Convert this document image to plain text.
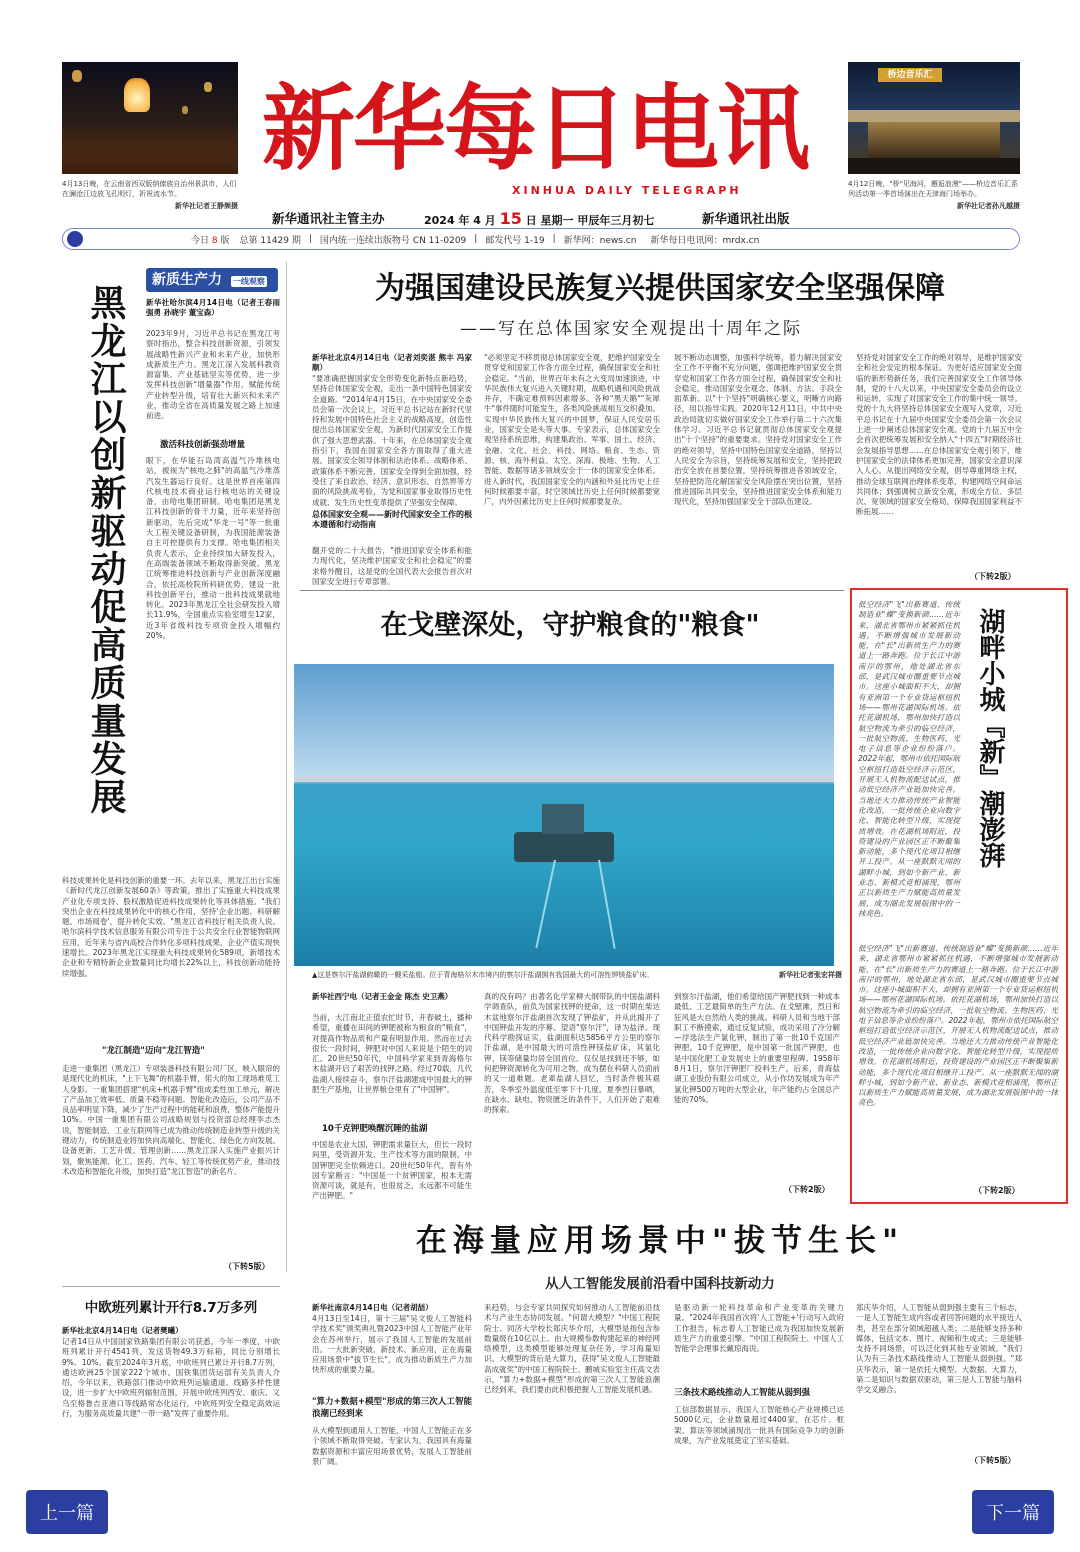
4月13日晚，在云南省西双版纳傣族自治州景洪市，人们在澜沧江边放飞孔明灯，祈祝流水节。
新华社记者王静频摄
新华每日电讯
XINHUA DAILY TELEGRAPH
新华通讯社主管主办	2024 年 4 月 15 日 星期一 甲辰年三月初七	新华通讯社出版
桥边音乐汇
4月12日晚，"桥"见海河，邂逅浪漫"——桥边音乐汇系列活动第一季首场演出在天津海门场举办。
新华社记者孙凡越摄
今日 8 版 总第 11429 期 | 国内统一连续出版物号 CN 11-0209 | 邮发代号 1-19 | 新华网：news.cn 新华每日电讯网：mrdx.cn
新质生产力 一线观察
黑龙江以创新驱动促高质量发展	新华社哈尔滨4月14日电（记者王春雨 强勇 孙晓宇 董宝森）
2023年9月，习近平总书记在黑龙江考察时指出，整合科技创新资源，引领发展战略性新兴产业和未来产业，加快形成新质生产力。黑龙江深入发展科教资源富集、产业基础坚实等优势，进一步发挥科技创新"增量器"作用，赋能传统产业转型升级，培育壮大新兴和未来产业，推动全省在高质量发展之路上加速前进。
激活科技创新强劲增量
眼下，在华能石岛湾高温气冷堆核电站，被视为"核电之肺"的高温气冷堆蒸汽发生器运行良好。这是世界首座第四代核电技术商业运行核电站的关键设备，由哈电集团研制。哈电集团是黑龙江科技创新的骨干力量，近年来坚持创新驱动，先后完成"华龙一号"等一批重大工程关键设备研制，为我国能源装备自主可控提供有力支撑。哈电集团相关负责人表示，企业持续加大研发投入，在高端装备领域不断取得新突破。黑龙江统筹推进科技创新与产业创新深度融合，依托高校院所科研优势，建设一批科技创新平台，推动一批科技成果就地转化。2023年黑龙江全社会研发投入增长11.9%，全国重点实验室增至12家，近3年省级科技专项资金投入增幅约20%。
科技成果转化是科技创新的重要一环。去年以来，黑龙江出台实施《新时代龙江创新发展60条》等政策，推出了实施重大科技成果产业化专项支持、股权激励促进科技成果转化等具体措施。"我们突出企业在科技成果转化中的核心作用，坚持'企业出题、科研解题、市场阅卷'，提升转化实效。"黑龙江省科技厅相关负责人说。哈尔滨科学技术信息服务有限公司专注于公共安全行业智能物联网应用，近年来与省内高校合作转化多项科技成果，企业产值实现快速增长。2023年黑龙江实现重大科技成果转化589项，新增技术企业和专精特新企业数量同比均增长22%以上，科技创新动能持续增强。
"龙江制造"迈向"龙江智造"
走进一重集团（黑龙江）专项装备科技有限公司厂区，映入眼帘的是现代化的机床，"上下飞舞"的机器手臂，偌大的加工现场难觅工人身影。一重集团搭建"机床+机器手臂"组成柔性加工单元，解决了产品加工效率低、质量不稳等问题。智能化改造后，公司产品不良品率明显下降，减少了生产过程中的能耗和浪费，整体产能提升10%。中国一重集团有限公司战略规划与投资部总经理李志杰说，智能制造、工业互联网等已成为推动传统制造业转型升级的关键动力，传统制造业将加快向高端化、智能化、绿色化方向发展。设备更新、工艺升级、管理创新……黑龙江深入实施产业振兴计划，聚焦能源、化工、医药、汽车、轻工等传统优势产业，推动技术改造和智能化升级，加快打造"龙江智造"的新名片。
（下转5版）
为强国建设民族复兴提供国家安全坚强保障
——写在总体国家安全观提出十周年之际
新华社北京4月14日电（记者刘奕湛 熊丰 冯家顺）
"要准确把握国家安全形势变化新特点新趋势，坚持总体国家安全观，走出一条中国特色国家安全道路。"2014年4月15日，在中央国家安全委员会第一次会议上，习近平总书记站在新时代坚持和发展中国特色社会主义的战略高度，创造性提出总体国家安全观，为新时代国家安全工作提供了强大思想武器。十年来，在总体国家安全观指引下，我国在国家安全各方面取得了重大进展。国家安全领导体制和法治体系、战略体系、政策体系不断完善，国家安全得到全面加强，经受住了来自政治、经济、意识形态、自然界等方面的风险挑战考验，为党和国家事业取得历史性成就、发生历史性变革提供了坚强安全保障。
总体国家安全观——新时代国家安全工作的根本遵循和行动指南
翻开党的二十大报告，"推进国家安全体系和能力现代化，坚决维护国家安全和社会稳定"的要求格外醒目，这是党的全国代表大会报告首次对国家安全进行专章部署。
"必须坚定不移贯彻总体国家安全观，把维护国家安全贯穿党和国家工作各方面全过程，确保国家安全和社会稳定。"当前，世界百年未有之大变局加速演进，中华民族伟大复兴进入关键时期，战略机遇和风险挑战并存，不确定难预料因素增多。各种"黑天鹅""灰犀牛"事件随时可能发生，各类风险挑战相互交织叠加。实现中华民族伟大复兴的中国梦，保证人民安居乐业，国家安全是头等大事。专家表示，总体国家安全观坚持系统思维，构建集政治、军事、国土、经济、金融、文化、社会、科技、网络、粮食、生态、资源、核、海外利益、太空、深海、极地、生物、人工智能、数据等诸多领域安全于一体的国家安全体系。进入新时代，我国国家安全的内涵和外延比历史上任何时候都要丰富，时空领域比历史上任何时候都要宽广，内外因素比历史上任何时候都要复杂。
展不断动态调整，加强科学统筹，着力解决国家安全工作不平衡不充分问题，强调把维护国家安全贯穿党和国家工作各方面全过程，确保国家安全和社会稳定，推动国家安全观念、体制、方法、手段全面革新。以"十个坚持"明确核心要义，明晰方向路径，用以指导实践。2020年12月11日，中共中央政治局就切实做好国家安全工作举行第二十六次集体学习。习近平总书记就贯彻总体国家安全观提出"十个坚持"的重要要求。坚持党对国家安全工作的绝对领导，坚持中国特色国家安全道路，坚持以人民安全为宗旨，坚持统筹发展和安全，坚持把政治安全放在首要位置，坚持统筹推进各领域安全，坚持把防范化解国家安全风险摆在突出位置，坚持推进国际共同安全，坚持推进国家安全体系和能力现代化，坚持加强国家安全干部队伍建设。
坚持党对国家安全工作的绝对领导，是维护国家安全和社会安定的根本保证。为更好适应国家安全面临的新形势新任务，我们完善国家安全工作领导体制，党的十八大以来，中央国家安全委员会的设立和运转，实现了对国家安全工作的集中统一领导。党的十九大将坚持总体国家安全观写入党章，习近平总书记在十九届中央国家安全委员会第一次会议上进一步阐述总体国家安全观。党的十九届五中全会首次把统筹发展和安全纳入"十四五"时期经济社会发展指导思想……在总体国家安全观引领下，维护国家安全的法律体系更加完善，国家安全意识深入人心。从提出网络安全观，倡导尊重网络主权，推动全球互联网治理体系变革，构建网络空间命运共同体；到强调树立新安全观，形成全方位、多层次、宽领域的国家安全格局，保障我国国家利益不断拓展……
（下转2版）
在戈壁深处，守护粮食的"粮食"
▲这是察尔汗盐湖俯瞰的一艘采盐船。位于青海格尔木市境内的察尔汗盐湖拥有我国最大的可溶性钾镁盐矿床。	新华社记者张宏祥摄
新华社西宁电（记者王金金 陈杰 史卫燕）
当前，大江南北正值农忙时节，开春破土，播种希望，重播在田间的钾肥被称为粮食的"粮食"，对提高作物品质和产量有明显作用。然而在过去很长一段时间，钾肥对中国人来说是个陌生的词汇。20世纪50年代，中国科学家来到青海格尔木盐湖开启了艰苦的找钾之路。经过70载，几代盐湖人接续奋斗，察尔汗盐湖建成中国最大的钾肥生产基地，让世界粮仓里有了"中国钾"。
10千克钾肥唤醒沉睡的盐湖
中国是农业大国，钾肥需求量巨大，但长一段时间里，受资源开发、生产技术等方面的限制，中国钾肥完全依赖进口。20世纪50年代，曾有外国专家断言："中国是一个贫钾国家，根本无需资源可谈，就是有，也很贫乏，永远都不可能生产出钾肥。"
真的没有吗？由著名化学家柳大纲带队的中国盐湖科学调查队，前负为国家找钾的使命，这一时期在柴达木盆地察尔汗盐湖首次发现了钾盐矿，并从此揭开了中国钾盐开发的序幕。望语"察尔汗"，译为盐泽。现代科学勘探证实，盐湖面积达5856平方公里的察尔汗盐湖，是中国最大的可溶性钾镁盐矿床，其氯化钾、镁等储量均居全国首位。仅仅是找到还不够，如何把钾资源转化为可用之物，成为摆在科研人员面前的又一道难题。老辈盐湖人回忆，当时条件极其艰苦，冬季室外温度低至零下十几度，夏季烈日暴晒，在缺水、缺电、物资匮乏的条件下，人们开始了艰难的探索。
到察尔汗盐湖，他们希望给国产钾肥找到一种成本最低、工艺最简单的生产方法。在戈壁滩，烈日和狂风是大自然给人类的挑战。科研人员和当地干部职工不断摸索，通过反复试验，成功采用了冷分解—浮选法生产氯化钾，制出了第一批10千克国产钾肥。10千克钾肥，是中国第一批国产钾肥，也是中国化肥工业发展史上的重要里程碑。1958年8月1日，察尔汗钾肥厂投料生产。后来，青海盐湖工业股份有限公司成立，从小作坊发展成为年产氯化钾500万吨的大型企业，年产能约占全国总产能的70%。
（下转2版）
湖畔小城『新』潮澎湃
低空经济"飞"出新赛道、传统制造业"蝶"变换新颜……近年来，湖北省鄂州市紧紧抓住机遇，不断增强城市发展新动能，在"长"出新质生产力的赛道上一路奔跑。位于长江中游南岸的鄂州，地处湖北省东部，是武汉城市圈重要节点城市。这座小城面积不大，却拥有亚洲第一个专业货运枢纽机场——鄂州花湖国际机场。依托花湖机场，鄂州加快打造以航空物流为牵引的临空经济，一批航空物流、生物医药、光电子信息等企业纷纷落户。2022年起，鄂州市依托国际航空枢纽打造低空经济示范区，开展无人机物流配送试点，推动低空经济产业链加快完善。当地还大力推动传统产业智能化改造，一批传统企业向数字化、智能化转型升级，实现提质增效。在花湖机场附近，投资建设的产业园区正不断聚集新动能，多个现代化项目相继开工投产。从一座默默无闻的湖畔小城，到如今新产业、新业态、新模式竞相涌现，鄂州正以新质生产力赋能高质量发展，成为湖北发展版图中的一抹亮色。
低空经济"飞"出新赛道、传统制造业"蝶"变换新颜……近年来，湖北省鄂州市紧紧抓住机遇，不断增强城市发展新动能，在"长"出新质生产力的赛道上一路奔跑。位于长江中游南岸的鄂州，地处湖北省东部，是武汉城市圈重要节点城市。这座小城面积不大，却拥有亚洲第一个专业货运枢纽机场——鄂州花湖国际机场。依托花湖机场，鄂州加快打造以航空物流为牵引的临空经济，一批航空物流、生物医药、光电子信息等企业纷纷落户。2022年起，鄂州市依托国际航空枢纽打造低空经济示范区，开展无人机物流配送试点，推动低空经济产业链加快完善。当地还大力推动传统产业智能化改造，一批传统企业向数字化、智能化转型升级，实现提质增效。在花湖机场附近，投资建设的产业园区正不断聚集新动能，多个现代化项目相继开工投产。从一座默默无闻的湖畔小城，到如今新产业、新业态、新模式竞相涌现，鄂州正以新质生产力赋能高质量发展，成为湖北发展版图中的一抹亮色。
（下转2版）
在海量应用场景中"拔节生长"
从人工智能发展前沿看中国科技新动力
新华社南京4月14日电（记者胡喆）
4月13日至14日，第十三届"吴文俊人工智能科学技术奖"颁奖典礼暨2023中国人工智能产业年会在苏州举行，展示了我国人工智能的发展前沿。一大批新突破、新技术、新应用，正在海量应用场景中"拔节生长"，成为推动新质生产力加快形成的重要力量。
"算力+数据+模型"形成的第三次人工智能浪潮已经到来
从大模型到通用人工智能，中国人工智能正在多个领域不断取得突破。专家认为，我国具有海量数据资源和丰富应用场景优势，发展人工智能前景广阔。
来趋势，与会专家共同探究如何推动人工智能前沿技术与产业生态协同发展。"何谓大模型？"中国工程院院士、同济大学校长郑庆华介绍，大模型是指包含参数量级在10亿以上、由大规模参数构建起来的神经网络模型，这类模型能够处理复杂任务，学习海量知识。大模型的背后是大算力，获得"吴文俊人工智能最高成就奖"的中国工程院院士、鹏城实验室主任高文表示，"算力+数据+模型"形成的第三次人工智能浪潮已经到来，我们要由此积极把握人工智能发展机遇。
是驱动新一轮科技革命和产业变革的关键力量。"2024年我国首次将'人工智能+'行动写入政府工作报告，标志着人工智能已成为我国加快发展新质生产力的重要引擎。"中国工程院院士、中国人工智能学会理事长戴琼海说。
三条技术路线推动人工智能从弱到强
工信部数据显示，我国人工智能核心产业规模已达5000亿元，企业数量超过4400家，在芯片、框架、算法等领域涌现出一批具有国际竞争力的创新成果，为产业发展奠定了坚实基础。
郑庆华介绍，人工智能从弱到强主要有三个标志，一是人工智能生成内容或者回答问题的水平接近人类，甚至在部分领域超越人类；二是能够支持多种媒体，包括文本、图片、视频和生成式；三是能够支持不同场景，可以泛化到其他专业领域。"我们认为有三条技术路线推动人工智能从弱到强。"郑庆华表示，第一是依托大模型、大数据、大算力，第二是知识与数据双驱动，第三是人工智能与脑科学交叉融合。
（下转5版）
中欧班列累计开行8.7万多列
新华社北京4月14日电（记者樊曦）
记者14日从中国国家铁路集团有限公司获悉，今年一季度，中欧班列累计开行4541列，发送货物49.3万标箱，同比分别增长9%、10%。截至2024年3月底，中欧班列已累计开行8.7万列，通达欧洲25个国家222个城市。国铁集团货运部有关负责人介绍，今年以来，铁路部门推动中欧班列运输通道、线路多样性建设，进一步扩大中欧班列辐射范围，开展中欧班列西安、重庆、义乌至格鲁吉亚港口等线路常态化运行，中欧班列安全稳定高效运行，为服务高质量共建"一带一路"发挥了重要作用。
上一篇	下一篇
